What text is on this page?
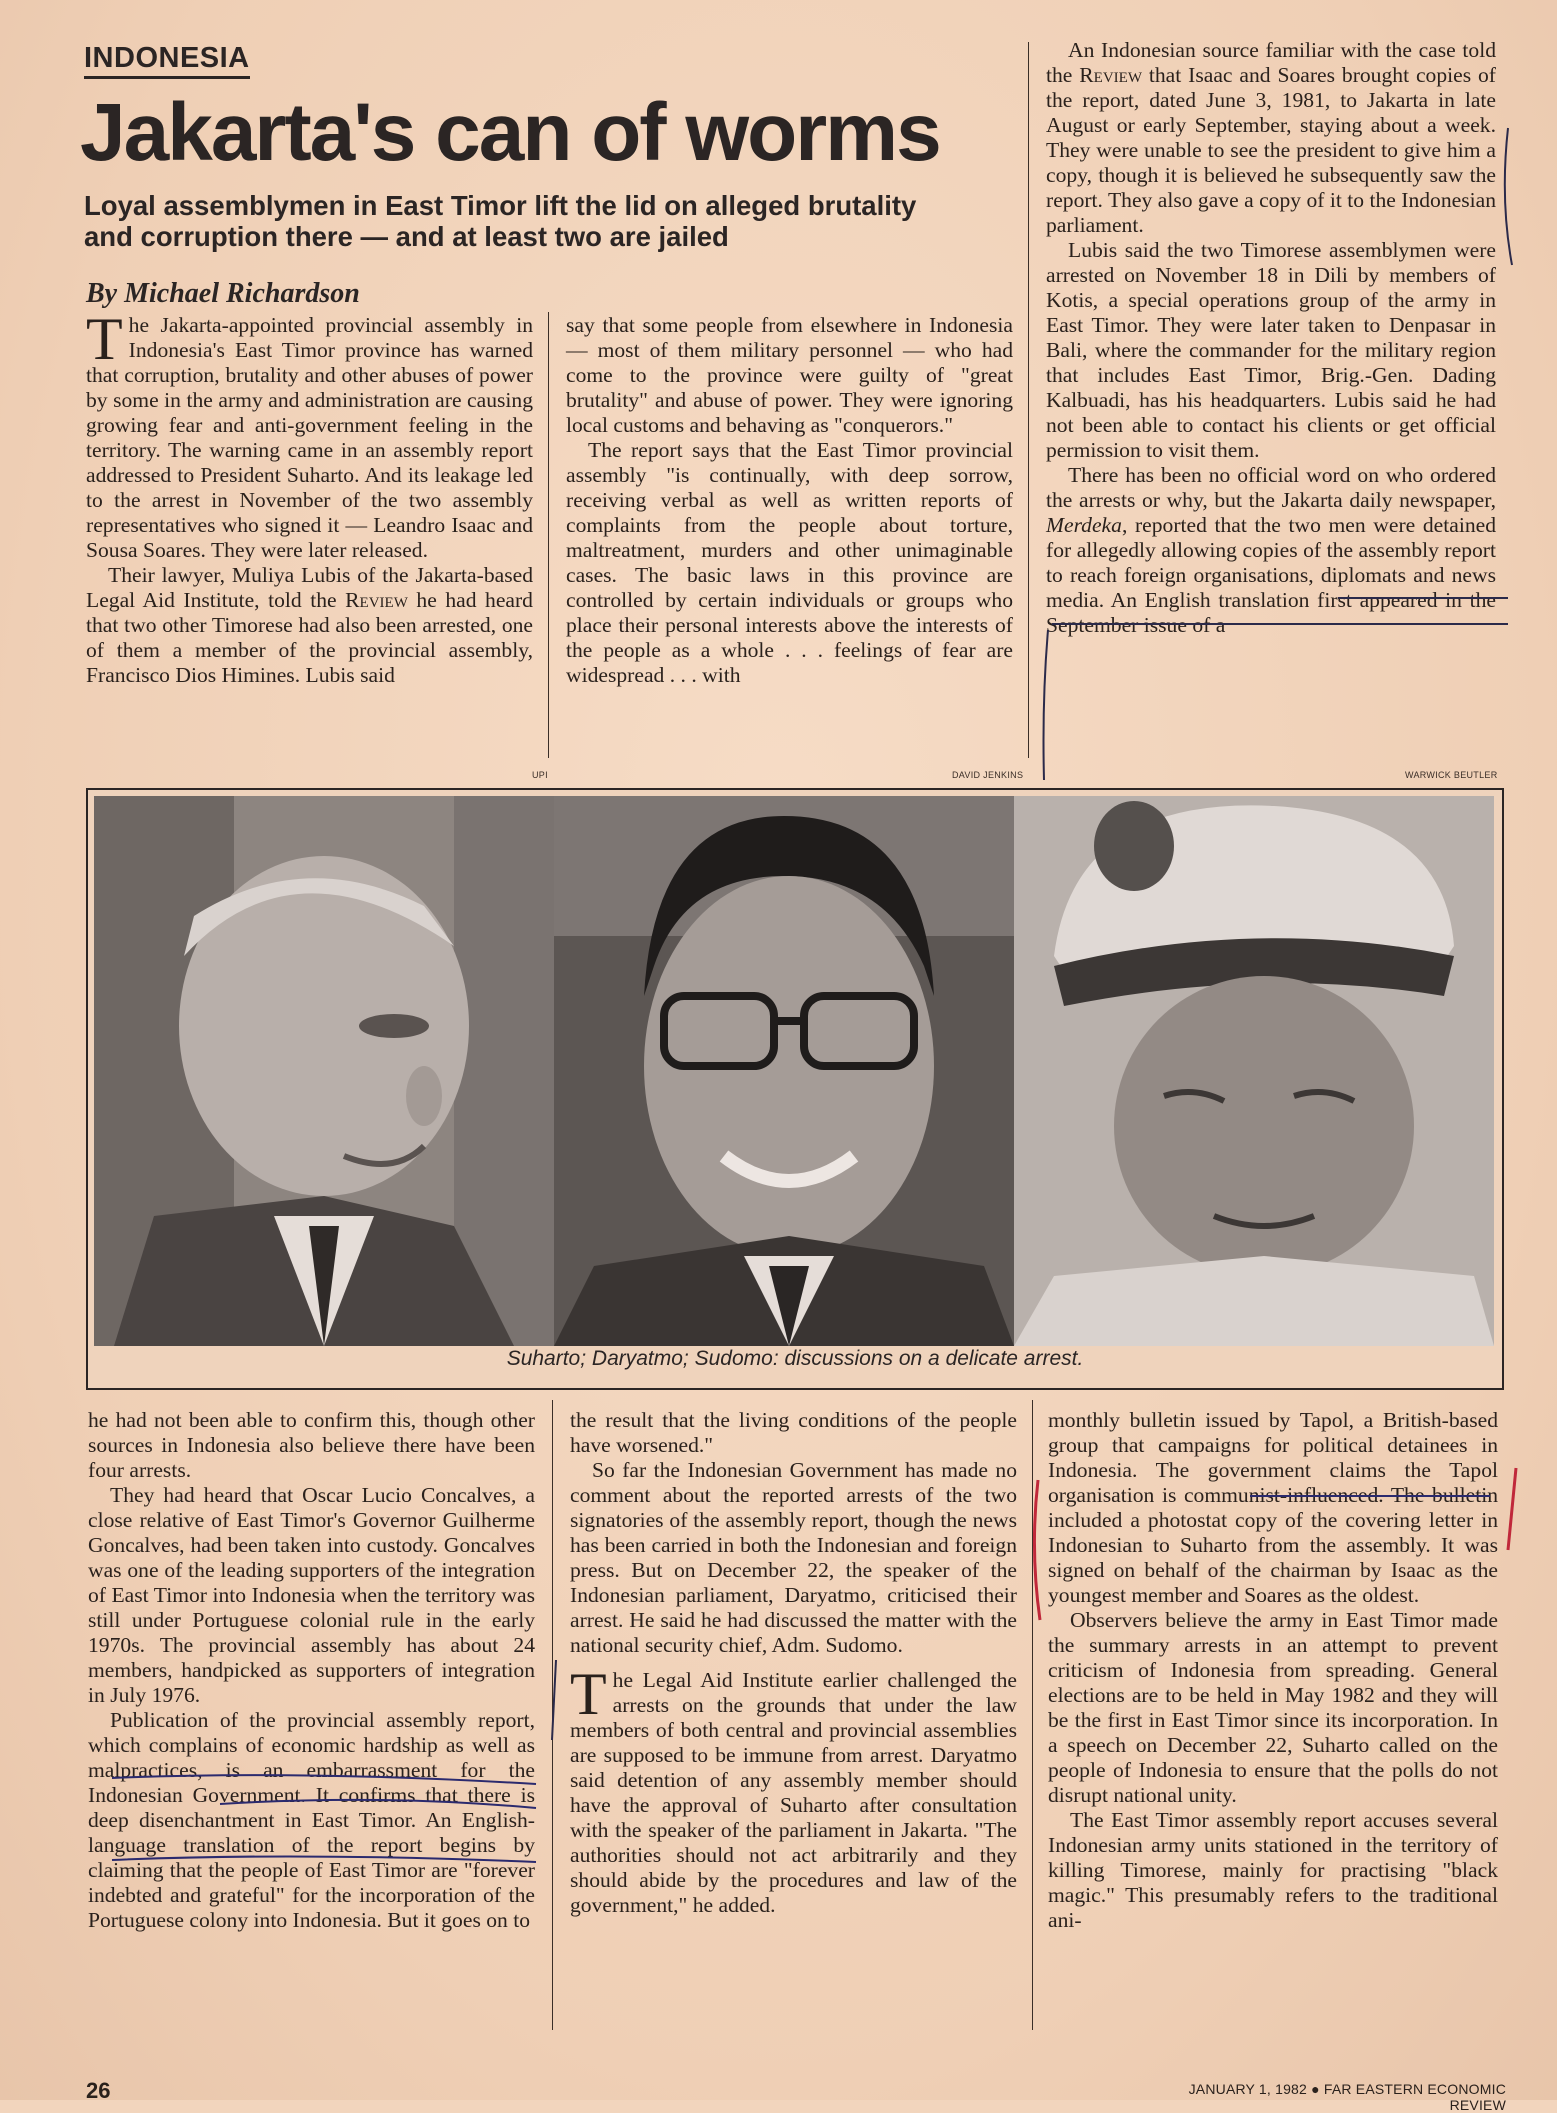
INDONESIA
Jakarta's can of worms
Loyal assemblymen in East Timor lift the lid on alleged brutality and corruption there — and at least two are jailed
By Michael Richardson

The Jakarta-appointed provincial assembly in Indonesia's East Timor province has warned that corruption, brutality and other abuses of power by some in the army and administration are causing growing fear and anti-government feeling in the territory. The warning came in an assembly report addressed to President Suharto. And its leakage led to the arrest in November of the two assembly representatives who signed it — Leandro Isaac and Sousa Soares. They were later released.

Their lawyer, Muliya Lubis of the Jakarta-based Legal Aid Institute, told the Review he had heard that two other Timorese had also been arrested, one of them a member of the provincial assembly, Francisco Dios Himines. Lubis said

say that some people from elsewhere in Indonesia — most of them military personnel — who had come to the province were guilty of "great brutality" and abuse of power. They were ignoring local customs and behaving as "conquerors."

The report says that the East Timor provincial assembly "is continually, with deep sorrow, receiving verbal as well as written reports of complaints from the people about torture, maltreatment, murders and other unimaginable cases. The basic laws in this province are controlled by certain individuals or groups who place their personal interests above the interests of the people as a whole . . . feelings of fear are widespread . . . with

An Indonesian source familiar with the case told the Review that Isaac and Soares brought copies of the report, dated June 3, 1981, to Jakarta in late August or early September, staying about a week. They were unable to see the president to give him a copy, though it is believed he subsequently saw the report. They also gave a copy of it to the Indonesian parliament.

Lubis said the two Timorese assemblymen were arrested on November 18 in Dili by members of Kotis, a special operations group of the army in East Timor. They were later taken to Denpasar in Bali, where the commander for the military region that includes East Timor, Brig.-Gen. Dading Kalbuadi, has his headquarters. Lubis said he had not been able to contact his clients or get official permission to visit them.

There has been no official word on who ordered the arrests or why, but the Jakarta daily newspaper, Merdeka, reported that the two men were detained for allegedly allowing copies of the assembly report to reach foreign organisations, diplomats and news media. An English translation first appeared in the September issue of a

UPI	DAVID JENKINS	WARWICK BEUTLER
Suharto; Daryatmo; Sudomo: discussions on a delicate arrest.

he had not been able to confirm this, though other sources in Indonesia also believe there have been four arrests.

They had heard that Oscar Lucio Concalves, a close relative of East Timor's Governor Guilherme Goncalves, had been taken into custody. Goncalves was one of the leading supporters of the integration of East Timor into Indonesia when the territory was still under Portuguese colonial rule in the early 1970s. The provincial assembly has about 24 members, handpicked as supporters of integration in July 1976.

Publication of the provincial assembly report, which complains of economic hardship as well as malpractices, is an embarrassment for the Indonesian Government. It confirms that there is deep disenchantment in East Timor. An English-language translation of the report begins by claiming that the people of East Timor are "forever indebted and grateful" for the incorporation of the Portuguese colony into Indonesia. But it goes on to

the result that the living conditions of the people have worsened."

So far the Indonesian Government has made no comment about the reported arrests of the two signatories of the assembly report, though the news has been carried in both the Indonesian and foreign press. But on December 22, the speaker of the Indonesian parliament, Daryatmo, criticised their arrest. He said he had discussed the matter with the national security chief, Adm. Sudomo.

The Legal Aid Institute earlier challenged the arrests on the grounds that under the law members of both central and provincial assemblies are supposed to be immune from arrest. Daryatmo said detention of any assembly member should have the approval of Suharto after consultation with the speaker of the parliament in Jakarta. "The authorities should not act arbitrarily and they should abide by the procedures and law of the government," he added.

monthly bulletin issued by Tapol, a British-based group that campaigns for political detainees in Indonesia. The government claims the Tapol organisation is communist-influenced. The bulletin included a photostat copy of the covering letter in Indonesian to Suharto from the assembly. It was signed on behalf of the chairman by Isaac as the youngest member and Soares as the oldest.

Observers believe the army in East Timor made the summary arrests in an attempt to prevent criticism of Indonesia from spreading. General elections are to be held in May 1982 and they will be the first in East Timor since its incorporation. In a speech on December 22, Suharto called on the people of Indonesia to ensure that the polls do not disrupt national unity.

The East Timor assembly report accuses several Indonesian army units stationed in the territory of killing Timorese, mainly for practising "black magic." This presumably refers to the traditional ani-

26	JANUARY 1, 1982 ● FAR EASTERN ECONOMIC REVIEW
